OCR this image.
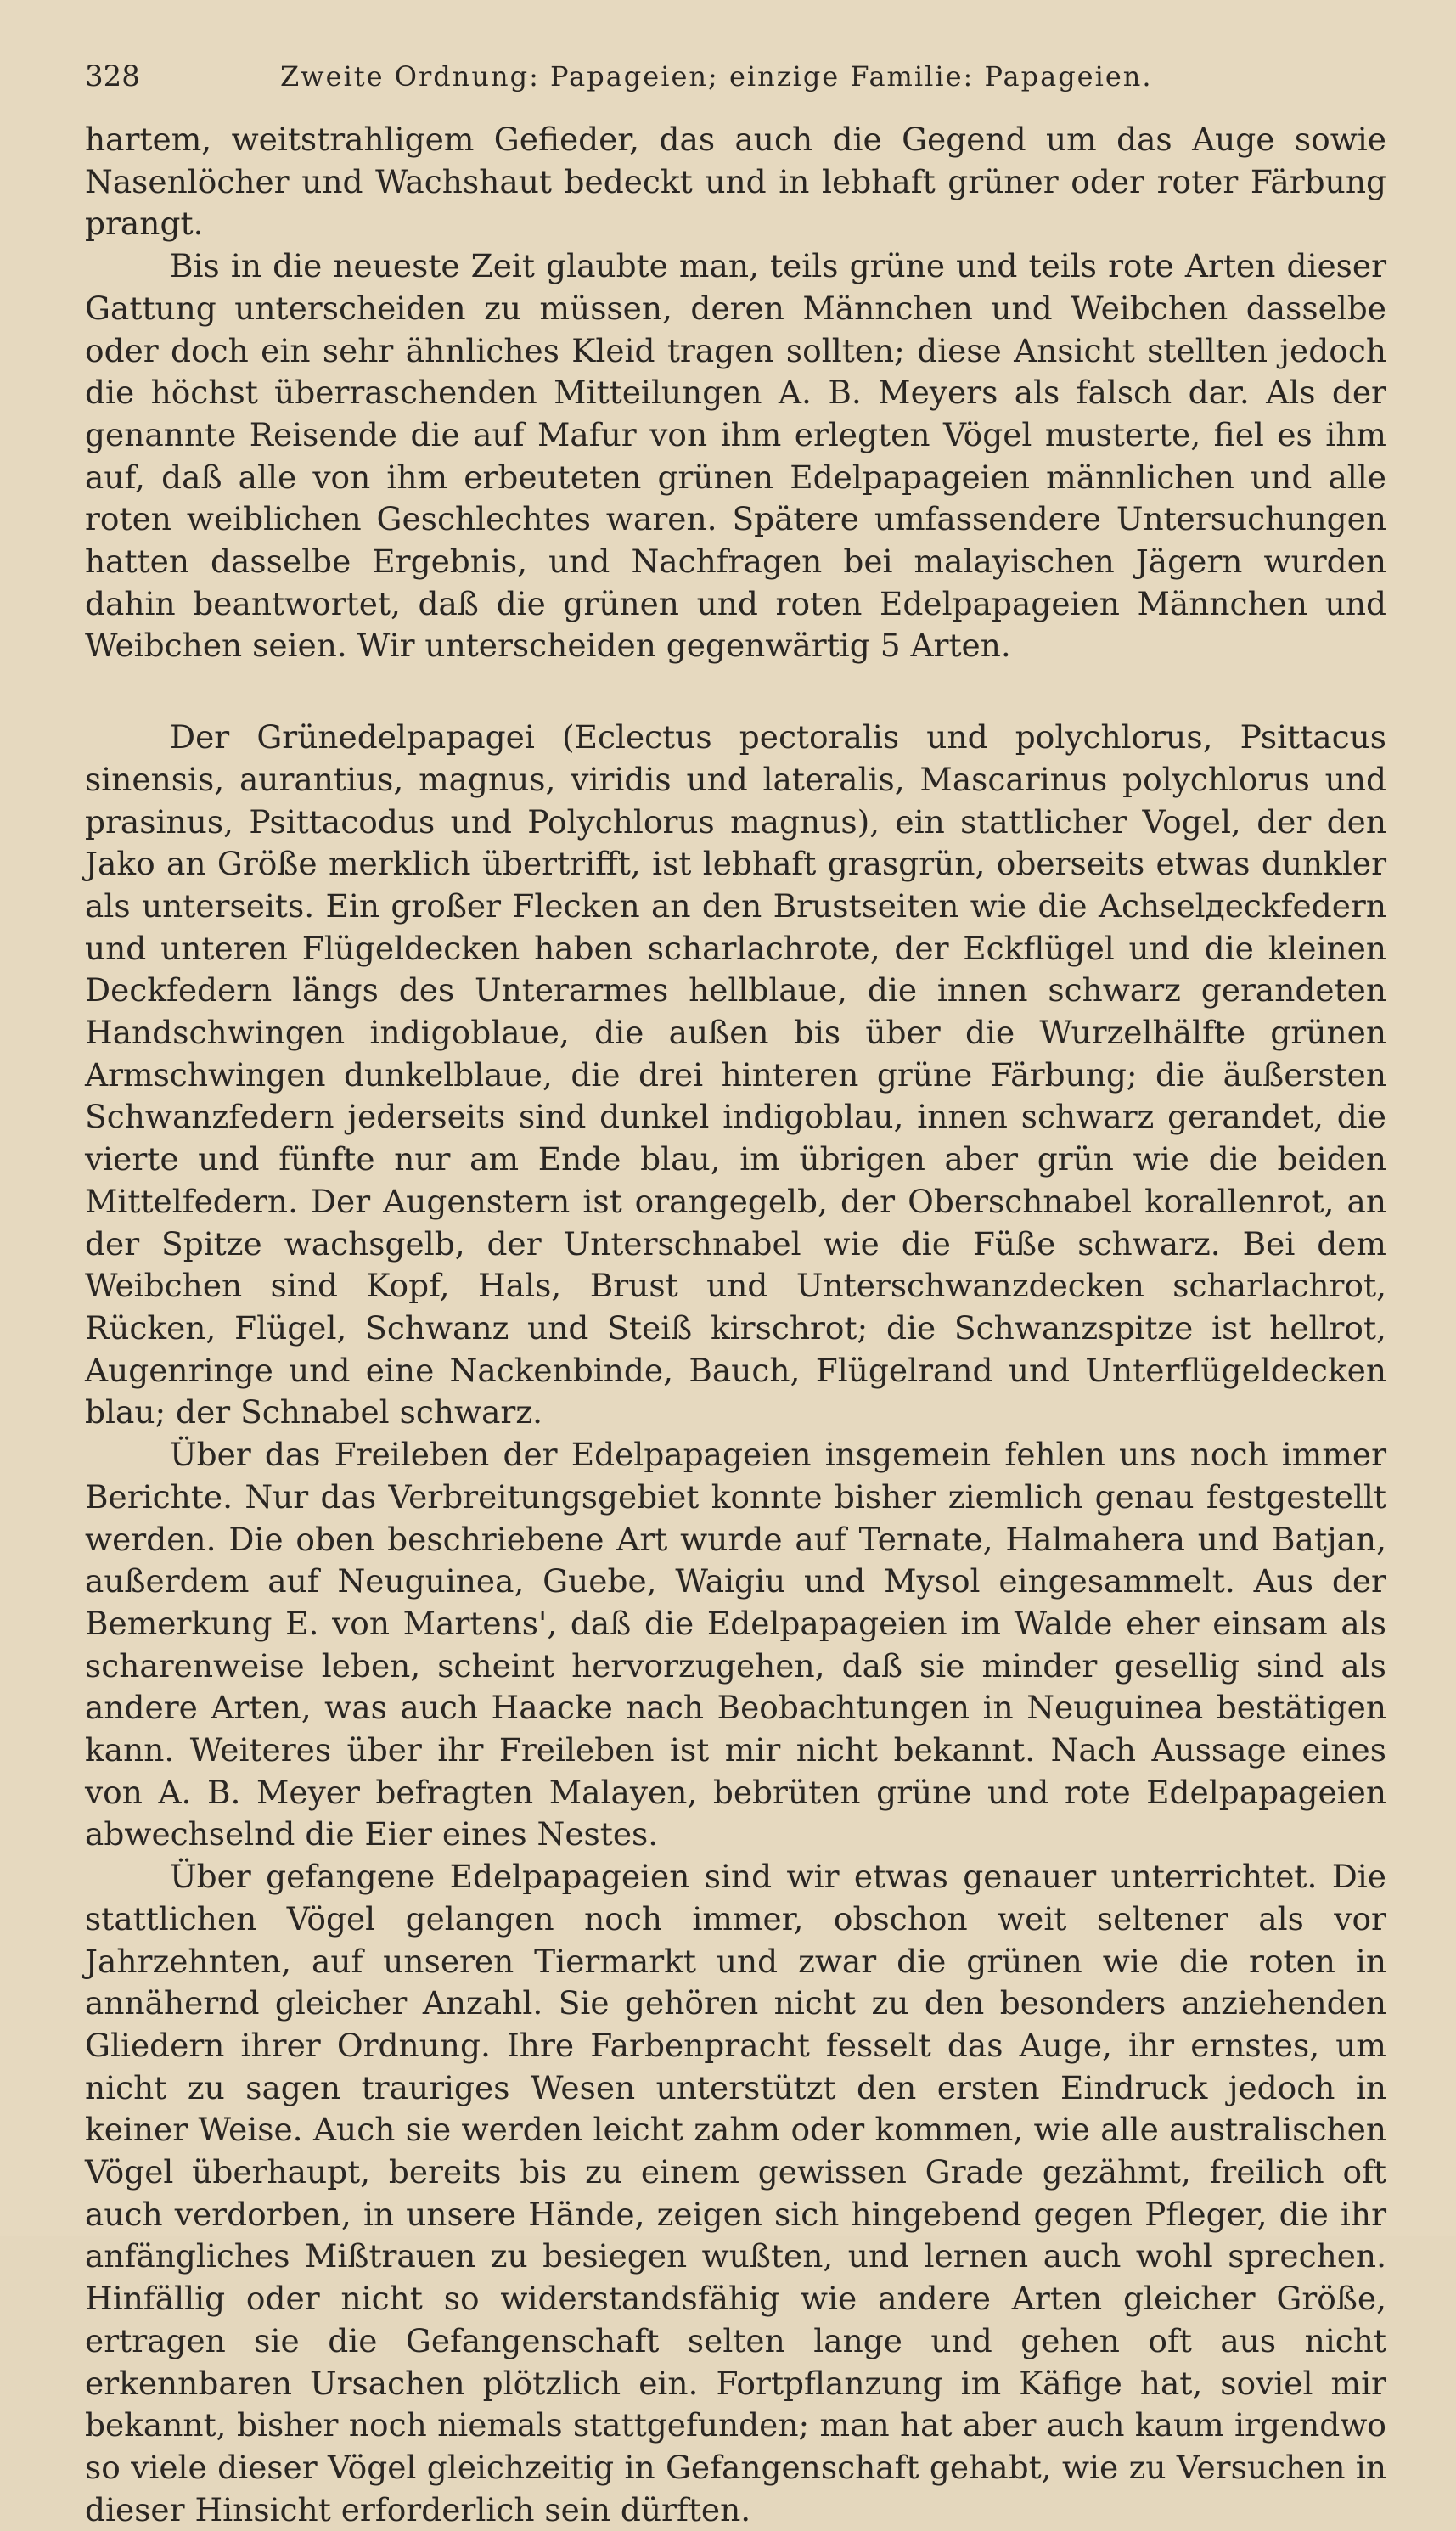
328	Zweite Ordnung: Papageien; einzige Familie: Papageien.

hartem, weitstrahligem Gefieder, das auch die Gegend um das Auge sowie Nasenlöcher und Wachshaut bedeckt und in lebhaft grüner oder roter Färbung prangt.

Bis in die neueste Zeit glaubte man, teils grüne und teils rote Arten dieser Gattung unterscheiden zu müssen, deren Männchen und Weibchen dasselbe oder doch ein sehr ähnliches Kleid tragen sollten; diese Ansicht stellten jedoch die höchst überraschenden Mitteilungen A. B. Meyers als falsch dar. Als der genannte Reisende die auf Mafur von ihm erlegten Vögel musterte, fiel es ihm auf, daß alle von ihm erbeuteten grünen Edelpapageien männlichen und alle roten weiblichen Geschlechtes waren. Spätere umfassendere Untersuchungen hatten dasselbe Ergebnis, und Nachfragen bei malayischen Jägern wurden dahin beantwortet, daß die grünen und roten Edelpapageien Männchen und Weibchen seien. Wir unterscheiden gegenwärtig 5 Arten.

Der Grünedelpapagei (Eclectus pectoralis und polychlorus, Psittacus sinensis, aurantius, magnus, viridis und lateralis, Mascarinus polychlorus und prasinus, Psittacodus und Polychlorus magnus), ein stattlicher Vogel, der den Jako an Größe merklich übertrifft, ist lebhaft grasgrün, oberseits etwas dunkler als unterseits. Ein großer Flecken an den Brustseiten wie die Achselдeckfedern und unteren Flügeldecken haben scharlachrote, der Eckflügel und die kleinen Deckfedern längs des Unterarmes hellblaue, die innen schwarz gerandeten Handschwingen indigoblaue, die außen bis über die Wurzelhälfte grünen Armschwingen dunkelblaue, die drei hinteren grüne Färbung; die äußersten Schwanzfedern jederseits sind dunkel indigoblau, innen schwarz gerandet, die vierte und fünfte nur am Ende blau, im übrigen aber grün wie die beiden Mittelfedern. Der Augenstern ist orangegelb, der Oberschnabel korallenrot, an der Spitze wachsgelb, der Unterschnabel wie die Füße schwarz. Bei dem Weibchen sind Kopf, Hals, Brust und Unterschwanzdecken scharlachrot, Rücken, Flügel, Schwanz und Steiß kirschrot; die Schwanzspitze ist hellrot, Augenringe und eine Nackenbinde, Bauch, Flügelrand und Unterflügeldecken blau; der Schnabel schwarz.

Über das Freileben der Edelpapageien insgemein fehlen uns noch immer Berichte. Nur das Verbreitungsgebiet konnte bisher ziemlich genau festgestellt werden. Die oben beschriebene Art wurde auf Ternate, Halmahera und Batjan, außerdem auf Neuguinea, Guebe, Waigiu und Mysol eingesammelt. Aus der Bemerkung E. von Martens', daß die Edelpapageien im Walde eher einsam als scharenweise leben, scheint hervorzugehen, daß sie minder gesellig sind als andere Arten, was auch Haacke nach Beobachtungen in Neuguinea bestätigen kann. Weiteres über ihr Freileben ist mir nicht bekannt. Nach Aussage eines von A. B. Meyer befragten Malayen, bebrüten grüne und rote Edelpapageien abwechselnd die Eier eines Nestes.

Über gefangene Edelpapageien sind wir etwas genauer unterrichtet. Die stattlichen Vögel gelangen noch immer, obschon weit seltener als vor Jahrzehnten, auf unseren Tiermarkt und zwar die grünen wie die roten in annähernd gleicher Anzahl. Sie gehören nicht zu den besonders anziehenden Gliedern ihrer Ordnung. Ihre Farbenpracht fesselt das Auge, ihr ernstes, um nicht zu sagen trauriges Wesen unterstützt den ersten Eindruck jedoch in keiner Weise. Auch sie werden leicht zahm oder kommen, wie alle australischen Vögel überhaupt, bereits bis zu einem gewissen Grade gezähmt, freilich oft auch verdorben, in unsere Hände, zeigen sich hingebend gegen Pfleger, die ihr anfängliches Mißtrauen zu besiegen wußten, und lernen auch wohl sprechen. Hinfällig oder nicht so widerstandsfähig wie andere Arten gleicher Größe, ertragen sie die Gefangenschaft selten lange und gehen oft aus nicht erkennbaren Ursachen plötzlich ein. Fortpflanzung im Käfige hat, soviel mir bekannt, bisher noch niemals stattgefunden; man hat aber auch kaum irgendwo so viele dieser Vögel gleichzeitig in Gefangenschaft gehabt, wie zu Versuchen in dieser Hinsicht erforderlich sein dürften.
